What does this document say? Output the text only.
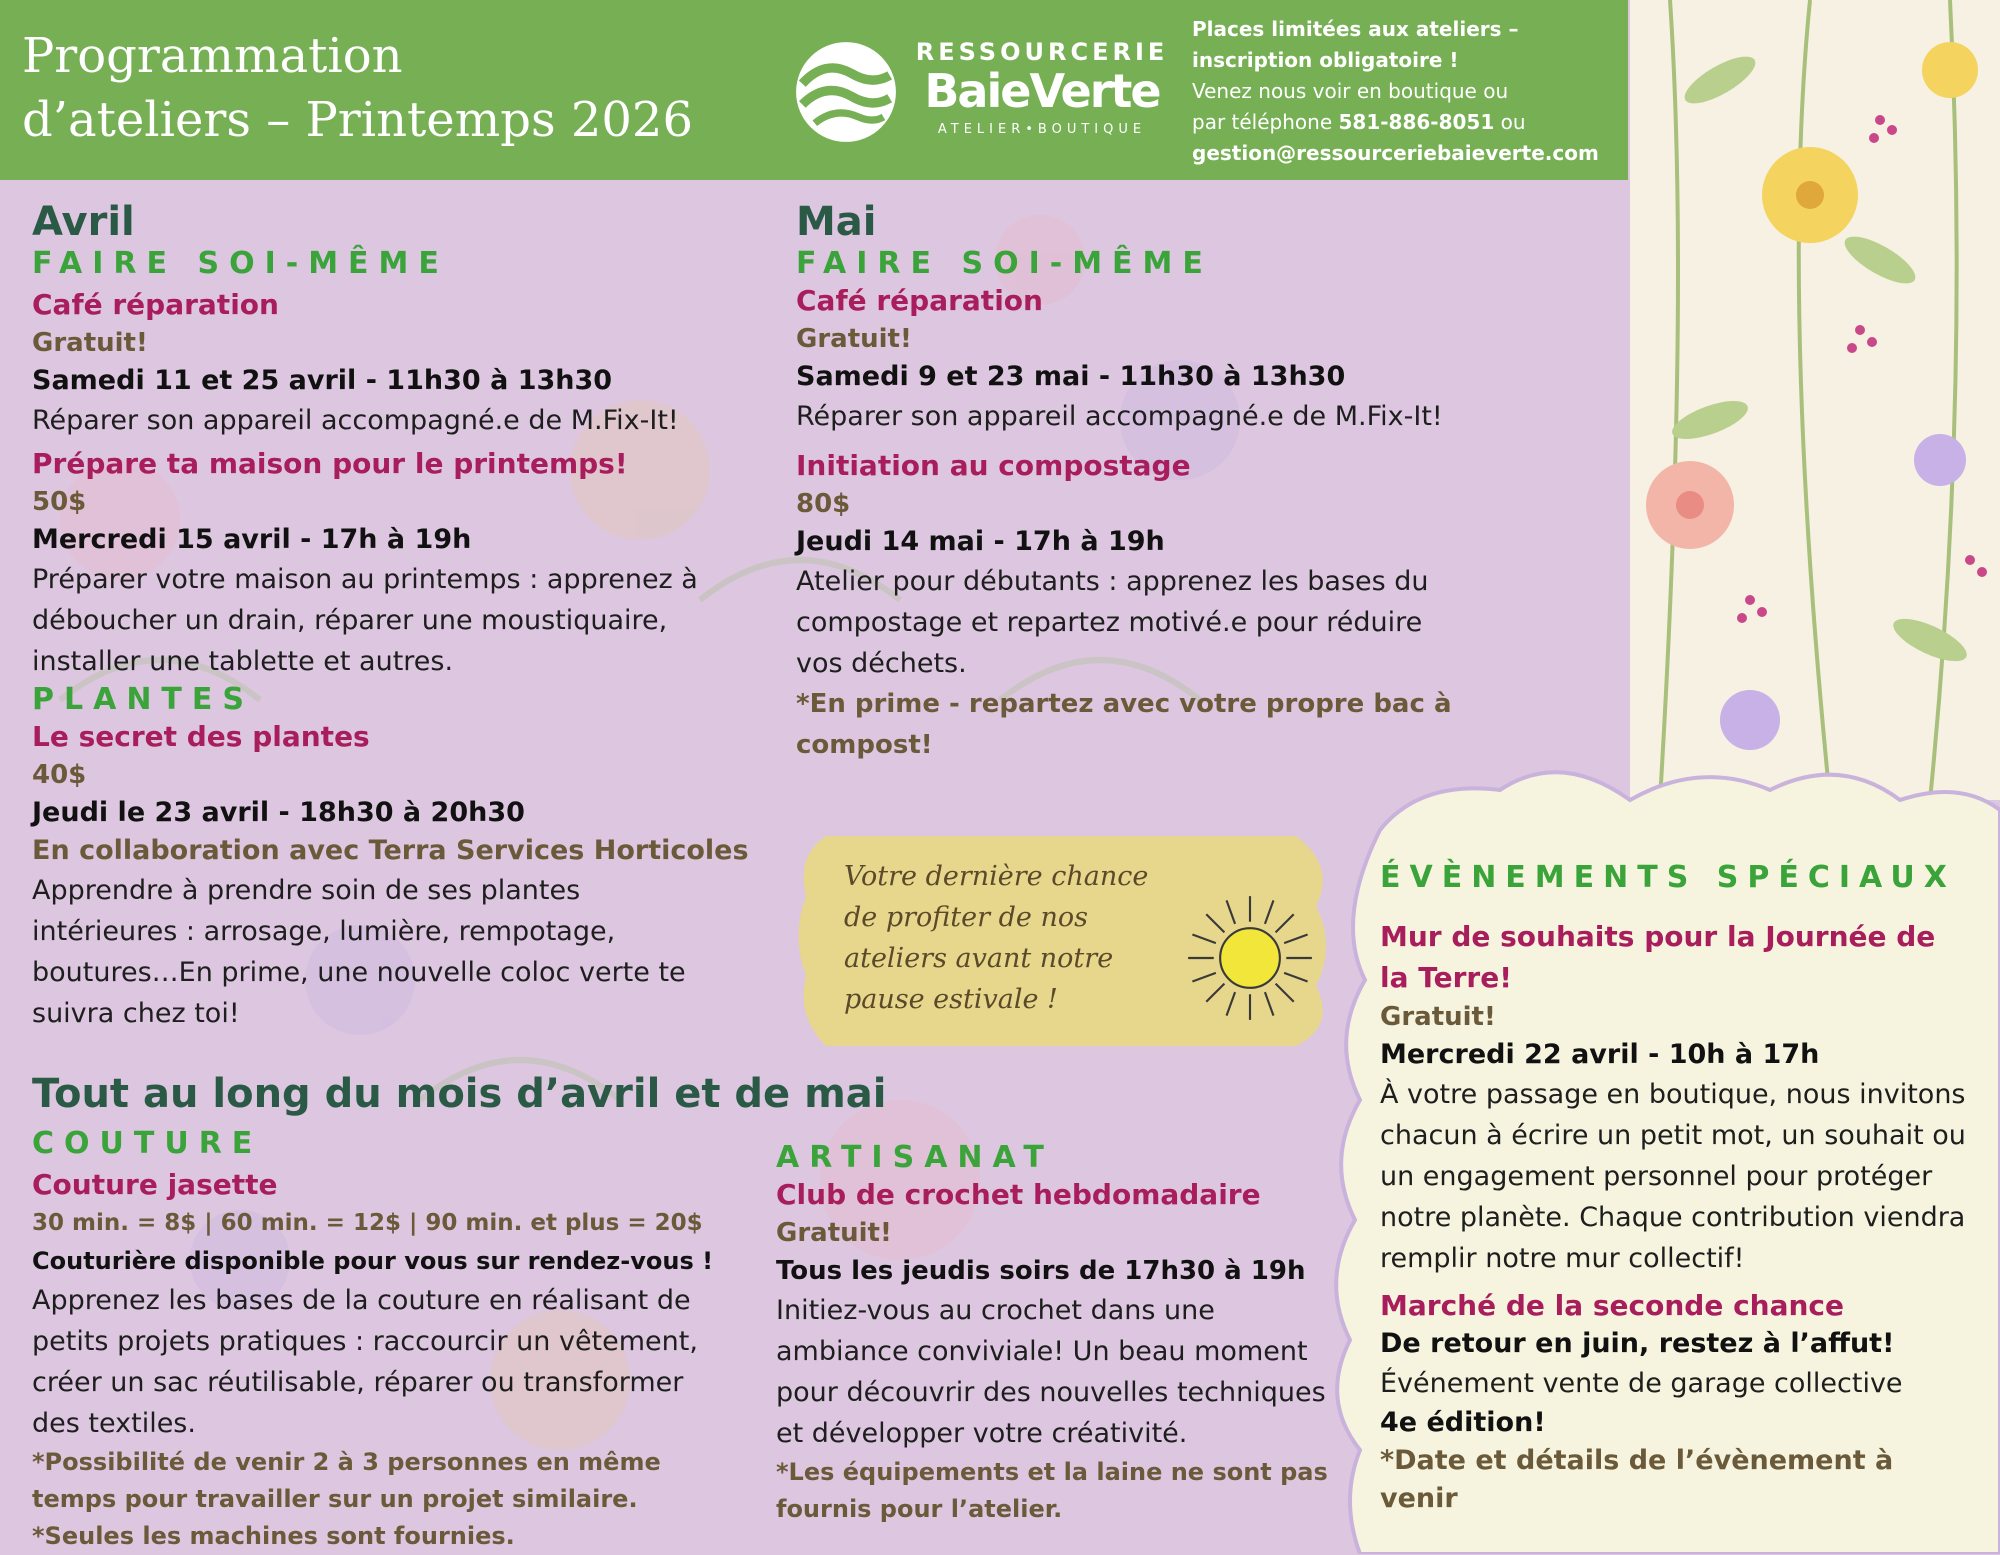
Programmation
d’ateliers – Printemps 2026
RESSOURCERIE
BaieVerte
ATELIER•BOUTIQUE
Places limitées aux ateliers –
inscription obligatoire !
Venez nous voir en boutique ou
par téléphone 581-886-8051 ou
gestion@ressourceriebaieverte.com
Avril
FAIRE SOI-MÊME
Café réparation
Gratuit!
Samedi 11 et 25 avril - 11h30 à 13h30
Réparer son appareil accompagné.e de M.Fix-It!
Prépare ta maison pour le printemps!
50$
Mercredi 15 avril - 17h à 19h
Préparer votre maison au printemps : apprenez à déboucher un drain, réparer une moustiquaire, installer une tablette et autres.
PLANTES
Le secret des plantes
40$
Jeudi le 23 avril - 18h30 à 20h30
En collaboration avec Terra Services Horticoles
Apprendre à prendre soin de ses plantes intérieures : arrosage, lumière, rempotage, boutures…En prime, une nouvelle coloc verte te suivra chez toi!
Mai
FAIRE SOI-MÊME
Café réparation
Gratuit!
Samedi 9 et 23 mai - 11h30 à 13h30
Réparer son appareil accompagné.e de M.Fix-It!
Initiation au compostage
80$
Jeudi 14 mai - 17h à 19h
Atelier pour débutants : apprenez les bases du compostage et repartez motivé.e pour réduire vos déchets.
*En prime - repartez avec votre propre bac à compost!
Votre dernière chance de profiter de nos ateliers avant notre pause estivale !
Tout au long du mois d’avril et de mai
COUTURE
Couture jasette
30 min. = 8$ | 60 min. = 12$ | 90 min. et plus = 20$
Couturière disponible pour vous sur rendez-vous !
Apprenez les bases de la couture en réalisant de petits projets pratiques : raccourcir un vêtement, créer un sac réutilisable, réparer ou transformer des textiles.
*Possibilité de venir 2 à 3 personnes en même temps pour travailler sur un projet similaire.
*Seules les machines sont fournies.
ARTISANAT
Club de crochet hebdomadaire
Gratuit!
Tous les jeudis soirs de 17h30 à 19h
Initiez-vous au crochet dans une ambiance conviviale! Un beau moment pour découvrir des nouvelles techniques et développer votre créativité.
*Les équipements et la laine ne sont pas fournis pour l’atelier.
ÉVÈNEMENTS SPÉCIAUX
Mur de souhaits pour la Journée de la Terre!
Gratuit!
Mercredi 22 avril - 10h à 17h
À votre passage en boutique, nous invitons chacun à écrire un petit mot, un souhait ou un engagement personnel pour protéger notre planète. Chaque contribution viendra remplir notre mur collectif!
Marché de la seconde chance
De retour en juin, restez à l’affut!
Événement vente de garage collective
4e édition!
*Date et détails de l’évènement à venir
